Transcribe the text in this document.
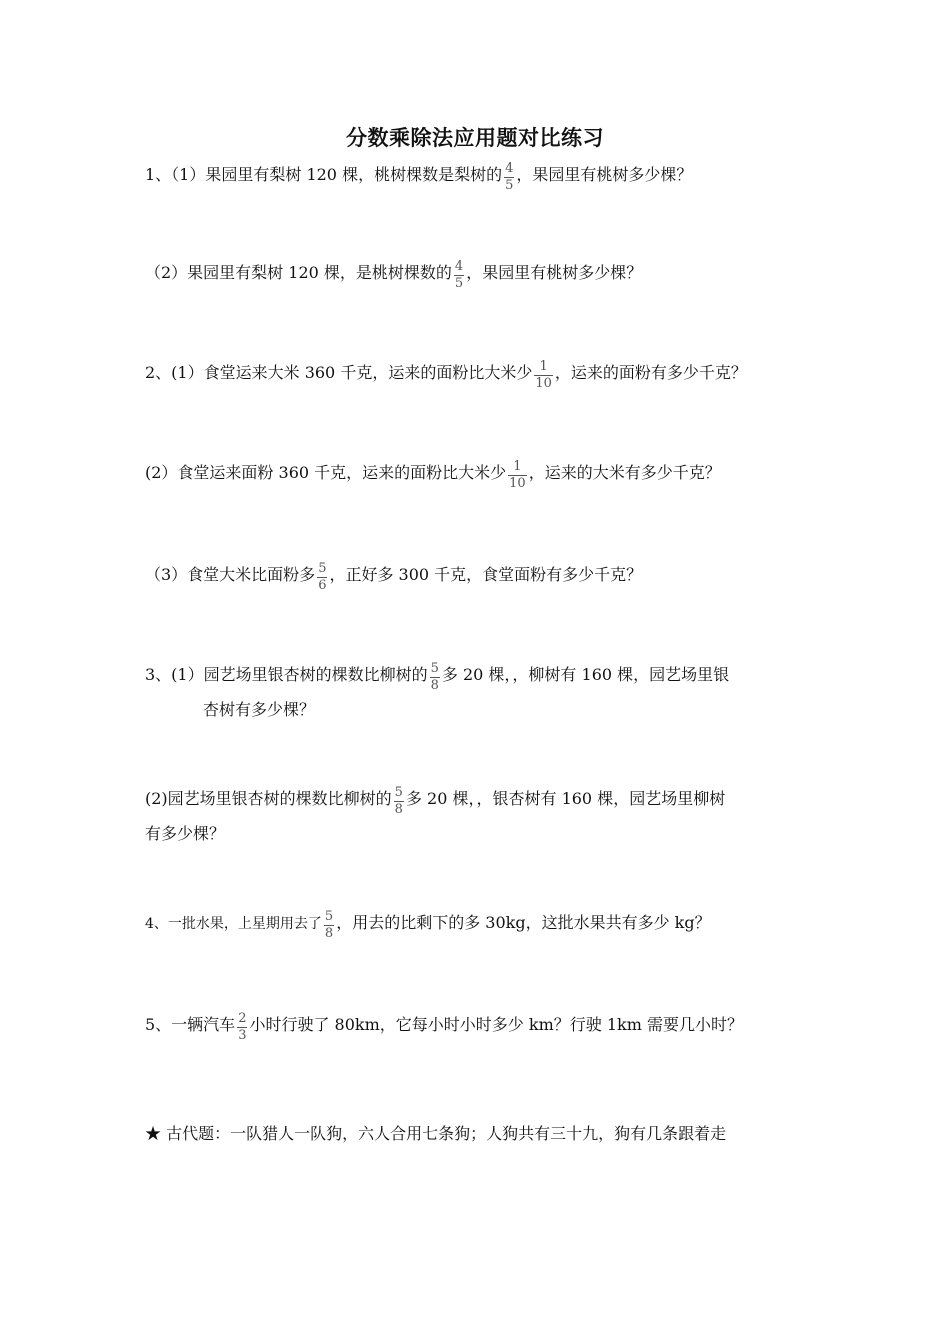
分数乘除法应用题对比练习
1、（1）果园里有梨树 120 棵，桃树棵数是梨树的 $\frac{4}{5}$ ，果园里有桃树多少棵？
（2）果园里有梨树 120 棵，是桃树棵数的 $\frac{4}{5}$ ，果园里有桃树多少棵？
2、(1）食堂运来大米 360 千克，运来的面粉比大米少 $\frac{1}{10}$ ，运来的面粉有多少千克？
(2）食堂运来面粉 360 千克，运来的面粉比大米少 $\frac{1}{10}$ ，运来的大米有多少千克？
（3）食堂大米比面粉多 $\frac{5}{6}$ ，正好多 300 千克，食堂面粉有多少千克？
3、(1）园艺场里银杏树的棵数比柳树的 $\frac{5}{8}$ 多 20 棵，，柳树有 160 棵，园艺场里银
杏树有多少棵？
(2)园艺场里银杏树的棵数比柳树的 $\frac{5}{8}$ 多 20 棵，，银杏树有 160 棵，园艺场里柳树
有多少棵？
4、一批水果，上星期用去了 $\frac{5}{8}$ ，用去的比剩下的多 30kg，这批水果共有多少 kg？
5、一辆汽车 $\frac{2}{3}$ 小时行驶了 80km，它每小时小时多少 km？行驶 1km 需要几小时？
★ 古代题：一队猎人一队狗，六人合用七条狗；人狗共有三十九，狗有几条跟着走
